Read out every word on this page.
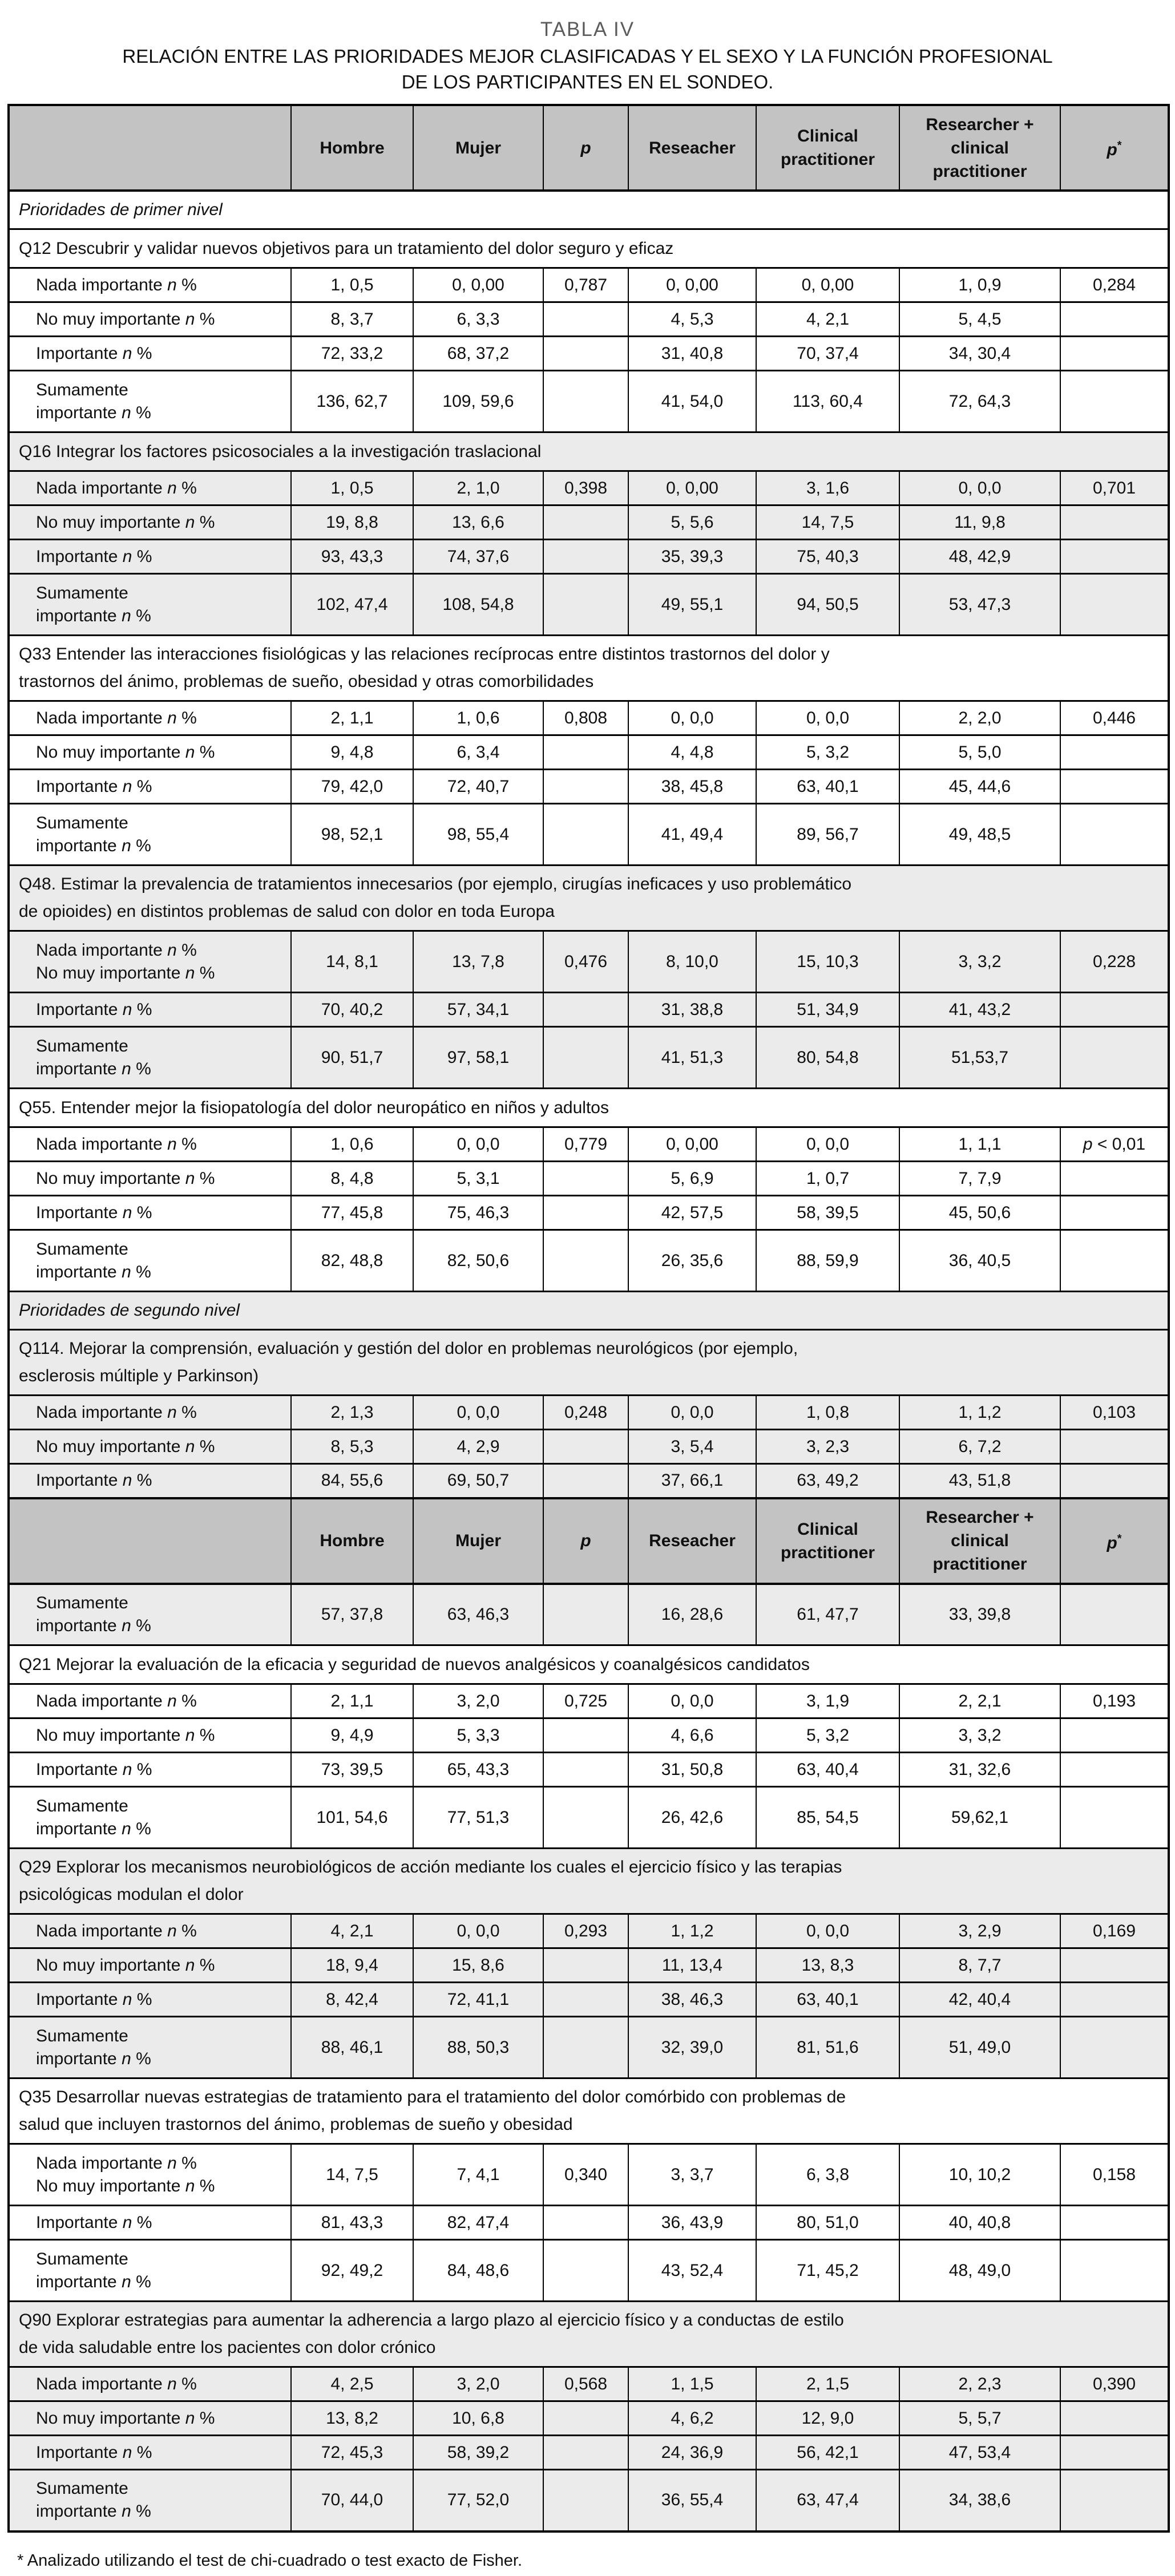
TABLA IV
RELACIÓN ENTRE LAS PRIORIDADES MEJOR CLASIFICADAS Y EL SEXO Y LA FUNCIÓN PROFESIONAL
DE LOS PARTICIPANTES EN EL SONDEO.
	Hombre	Mujer	p	Reseacher	Clinical practitioner	Researcher + clinical practitioner	p*
Prioridades de primer nivel							
Q12 Descubrir y validar nuevos objetivos para un tratamiento del dolor seguro y eficaz							
Nada importante n %	1, 0,5	0, 0,00	0,787	0, 0,00	0, 0,00	1, 0,9	0,284
No muy importante n %	8, 3,7	6, 3,3		4, 5,3	4, 2,1	5, 4,5	
Importante n %	72, 33,2	68, 37,2		31, 40,8	70, 37,4	34, 30,4	
Sumamente
importante n %	136, 62,7	109, 59,6		41, 54,0	113, 60,4	72, 64,3	
Q16 Integrar los factores psicosociales a la investigación traslacional							
Nada importante n %	1, 0,5	2, 1,0	0,398	0, 0,00	3, 1,6	0, 0,0	0,701
No muy importante n %	19, 8,8	13, 6,6		5, 5,6	14, 7,5	11, 9,8	
Importante n %	93, 43,3	74, 37,6		35, 39,3	75, 40,3	48, 42,9	
Sumamente
importante n %	102, 47,4	108, 54,8		49, 55,1	94, 50,5	53, 47,3	
Q33 Entender las interacciones fisiológicas y las relaciones recíprocas entre distintos trastornos del dolor y
trastornos del ánimo, problemas de sueño, obesidad y otras comorbilidades							
Nada importante n %	2, 1,1	1, 0,6	0,808	0, 0,0	0, 0,0	2, 2,0	0,446
No muy importante n %	9, 4,8	6, 3,4		4, 4,8	5, 3,2	5, 5,0	
Importante n %	79, 42,0	72, 40,7		38, 45,8	63, 40,1	45, 44,6	
Sumamente
importante n %	98, 52,1	98, 55,4		41, 49,4	89, 56,7	49, 48,5	
Q48. Estimar la prevalencia de tratamientos innecesarios (por ejemplo, cirugías ineficaces y uso problemático
de opioides) en distintos problemas de salud con dolor en toda Europa							
Nada importante n %
No muy importante n %	14, 8,1	13, 7,8	0,476	8, 10,0	15, 10,3	3, 3,2	0,228
Importante n %	70, 40,2	57, 34,1		31, 38,8	51, 34,9	41, 43,2	
Sumamente
importante n %	90, 51,7	97, 58,1		41, 51,3	80, 54,8	51,53,7	
Q55. Entender mejor la fisiopatología del dolor neuropático en niños y adultos							
Nada importante n %	1, 0,6	0, 0,0	0,779	0, 0,00	0, 0,0	1, 1,1	p < 0,01
No muy importante n %	8, 4,8	5, 3,1		5, 6,9	1, 0,7	7, 7,9	
Importante n %	77, 45,8	75, 46,3		42, 57,5	58, 39,5	45, 50,6	
Sumamente
importante n %	82, 48,8	82, 50,6		26, 35,6	88, 59,9	36, 40,5	
Prioridades de segundo nivel							
Q114. Mejorar la comprensión, evaluación y gestión del dolor en problemas neurológicos (por ejemplo,
esclerosis múltiple y Parkinson)							
Nada importante n %	2, 1,3	0, 0,0	0,248	0, 0,0	1, 0,8	1, 1,2	0,103
No muy importante n %	8, 5,3	4, 2,9		3, 5,4	3, 2,3	6, 7,2	
Importante n %	84, 55,6	69, 50,7		37, 66,1	63, 49,2	43, 51,8	
	Hombre	Mujer	p	Reseacher	Clinical practitioner	Researcher + clinical practitioner	p*
Sumamente
importante n %	57, 37,8	63, 46,3		16, 28,6	61, 47,7	33, 39,8	
Q21 Mejorar la evaluación de la eficacia y seguridad de nuevos analgésicos y coanalgésicos candidatos							
Nada importante n %	2, 1,1	3, 2,0	0,725	0, 0,0	3, 1,9	2, 2,1	0,193
No muy importante n %	9, 4,9	5, 3,3		4, 6,6	5, 3,2	3, 3,2	
Importante n %	73, 39,5	65, 43,3		31, 50,8	63, 40,4	31, 32,6	
Sumamente
importante n %	101, 54,6	77, 51,3		26, 42,6	85, 54,5	59,62,1	
Q29 Explorar los mecanismos neurobiológicos de acción mediante los cuales el ejercicio físico y las terapias
psicológicas modulan el dolor							
Nada importante n %	4, 2,1	0, 0,0	0,293	1, 1,2	0, 0,0	3, 2,9	0,169
No muy importante n %	18, 9,4	15, 8,6		11, 13,4	13, 8,3	8, 7,7	
Importante n %	8, 42,4	72, 41,1		38, 46,3	63, 40,1	42, 40,4	
Sumamente
importante n %	88, 46,1	88, 50,3		32, 39,0	81, 51,6	51, 49,0	
Q35 Desarrollar nuevas estrategias de tratamiento para el tratamiento del dolor comórbido con problemas de
salud que incluyen trastornos del ánimo, problemas de sueño y obesidad							
Nada importante n %
No muy importante n %	14, 7,5	7, 4,1	0,340	3, 3,7	6, 3,8	10, 10,2	0,158
Importante n %	81, 43,3	82, 47,4		36, 43,9	80, 51,0	40, 40,8	
Sumamente
importante n %	92, 49,2	84, 48,6		43, 52,4	71, 45,2	48, 49,0	
Q90 Explorar estrategias para aumentar la adherencia a largo plazo al ejercicio físico y a conductas de estilo
de vida saludable entre los pacientes con dolor crónico							
Nada importante n %	4, 2,5	3, 2,0	0,568	1, 1,5	2, 1,5	2, 2,3	0,390
No muy importante n %	13, 8,2	10, 6,8		4, 6,2	12, 9,0	5, 5,7	
Importante n %	72, 45,3	58, 39,2		24, 36,9	56, 42,1	47, 53,4	
Sumamente
importante n %	70, 44,0	77, 52,0		36, 55,4	63, 47,4	34, 38,6	
* Analizado utilizando el test de chi-cuadrado o test exacto de Fisher.
